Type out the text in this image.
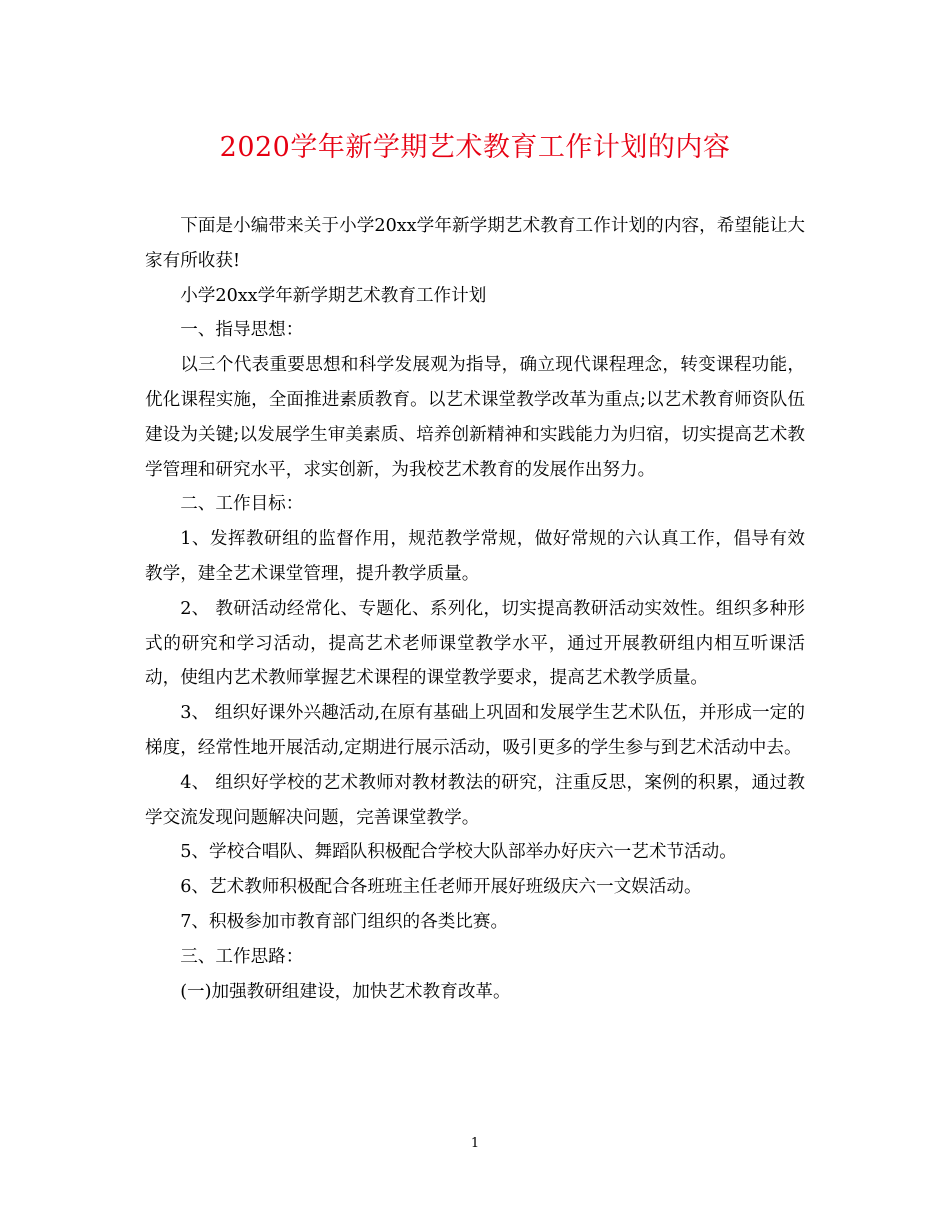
2020学年新学期艺术教育工作计划的内容

下面是小编带来关于小学20xx学年新学期艺术教育工作计划的内容，希望能让大家有所收获!

小学20xx学年新学期艺术教育工作计划

一、指导思想：

以三个代表重要思想和科学发展观为指导，确立现代课程理念，转变课程功能，优化课程实施，全面推进素质教育。以艺术课堂教学改革为重点;以艺术教育师资队伍建设为关键;以发展学生审美素质、培养创新精神和实践能力为归宿，切实提高艺术教学管理和研究水平，求实创新，为我校艺术教育的发展作出努力。

二、工作目标：

1、发挥教研组的监督作用，规范教学常规，做好常规的六认真工作，倡导有效教学，建全艺术课堂管理，提升教学质量。

2、 教研活动经常化、专题化、系列化，切实提高教研活动实效性。组织多种形式的研究和学习活动，提高艺术老师课堂教学水平，通过开展教研组内相互听课活动，使组内艺术教师掌握艺术课程的课堂教学要求，提高艺术教学质量。

3、 组织好课外兴趣活动,在原有基础上巩固和发展学生艺术队伍，并形成一定的梯度，经常性地开展活动,定期进行展示活动，吸引更多的学生参与到艺术活动中去。

4、 组织好学校的艺术教师对教材教法的研究，注重反思，案例的积累，通过教学交流发现问题解决问题，完善课堂教学。

5、学校合唱队、舞蹈队积极配合学校大队部举办好庆六一艺术节活动。

6、艺术教师积极配合各班班主任老师开展好班级庆六一文娱活动。

7、积极参加市教育部门组织的各类比赛。

三、工作思路：

(一)加强教研组建设，加快艺术教育改革。

1
